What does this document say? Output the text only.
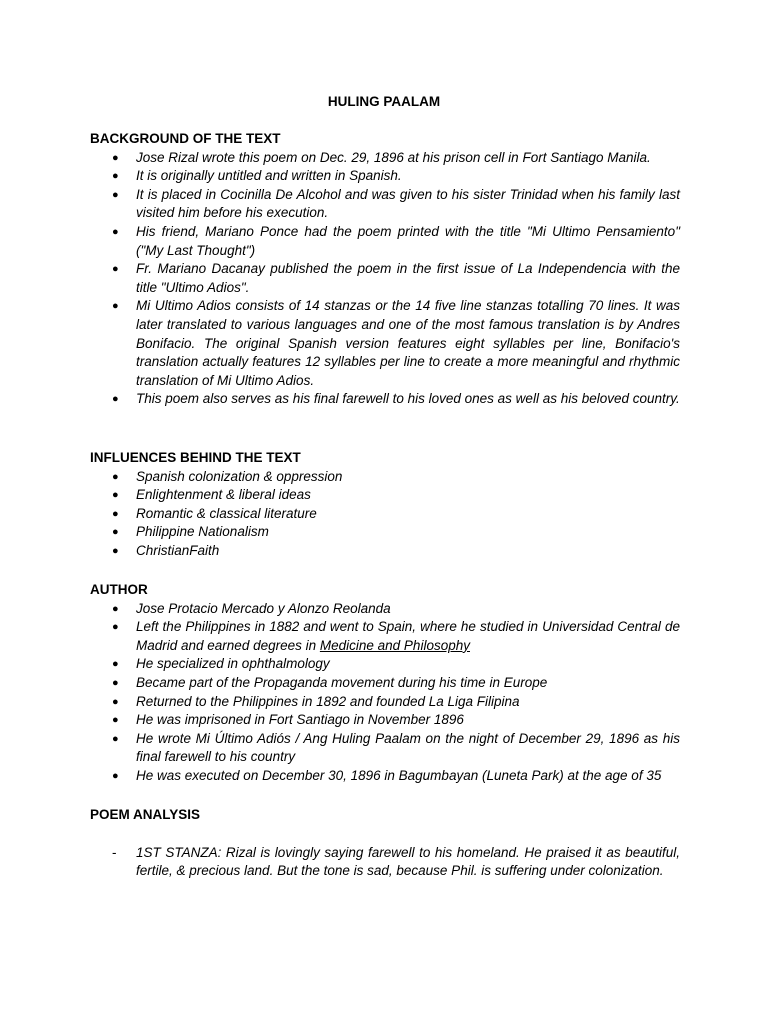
HULING PAALAM
BACKGROUND OF THE TEXT
● Jose Rizal wrote this poem on Dec. 29, 1896 at his prison cell in Fort Santiago Manila.
● It is originally untitled and written in Spanish.
● It is placed in Cocinilla De Alcohol and was given to his sister Trinidad when his family last visited him before his execution.
● His friend, Mariano Ponce had the poem printed with the title "Mi Ultimo Pensamiento" ("My Last Thought")
● Fr. Mariano Dacanay published the poem in the first issue of La Independencia with the title "Ultimo Adios".
● Mi Ultimo Adios consists of 14 stanzas or the 14 five line stanzas totalling 70 lines. It was later translated to various languages and one of the most famous translation is by Andres Bonifacio. The original Spanish version features eight syllables per line, Bonifacio's translation actually features 12 syllables per line to create a more meaningful and rhythmic translation of Mi Ultimo Adios.
● This poem also serves as his final farewell to his loved ones as well as his beloved country.
INFLUENCES BEHIND THE TEXT
● Spanish colonization & oppression
● Enlightenment & liberal ideas
● Romantic & classical literature
● Philippine Nationalism
● ChristianFaith
AUTHOR
● Jose Protacio Mercado y Alonzo Reolanda
● Left the Philippines in 1882 and went to Spain, where he studied in Universidad Central de Madrid and earned degrees in Medicine and Philosophy
● He specialized in ophthalmology
● Became part of the Propaganda movement during his time in Europe
● Returned to the Philippines in 1892 and founded La Liga Filipina
● He was imprisoned in Fort Santiago in November 1896
● He wrote Mi Último Adiós / Ang Huling Paalam on the night of December 29, 1896 as his final farewell to his country
● He was executed on December 30, 1896 in Bagumbayan (Luneta Park) at the age of 35
POEM ANALYSIS
- 1ST STANZA: Rizal is lovingly saying farewell to his homeland. He praised it as beautiful, fertile, & precious land. But the tone is sad, because Phil. is suffering under colonization.
